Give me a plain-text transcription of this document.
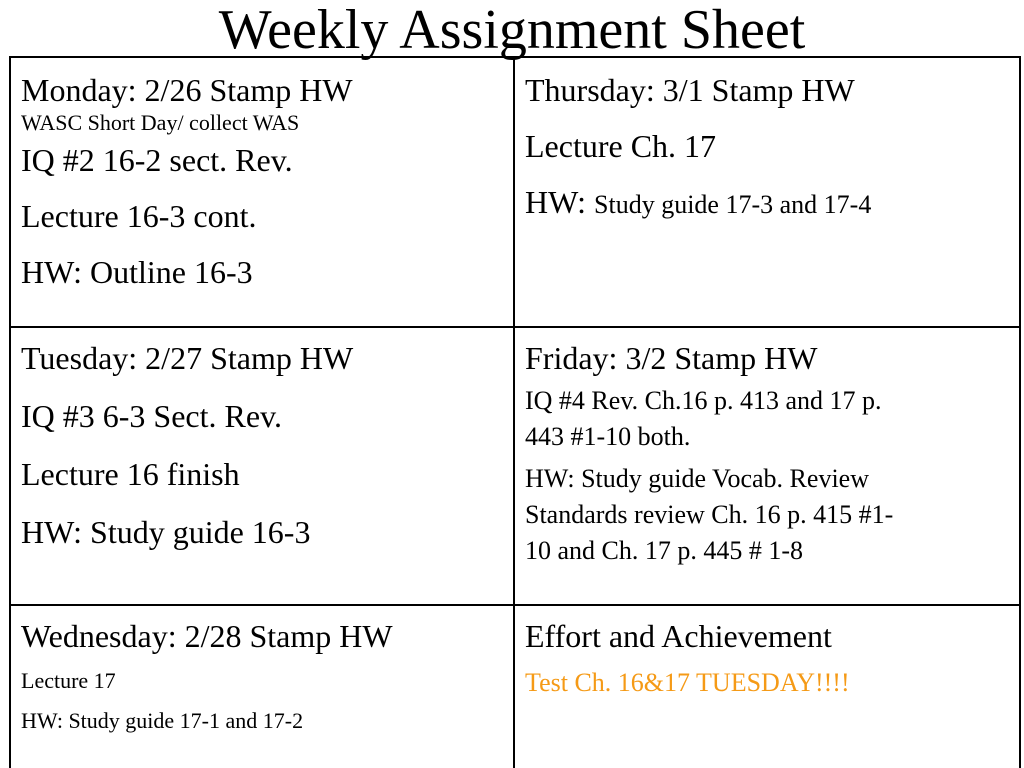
Weekly Assignment Sheet

Monday: 2/26 Stamp HW

WASC Short Day/ collect WAS

IQ #2 16-2 sect. Rev.

Lecture 16-3 cont.

HW: Outline 16-3

Thursday: 3/1 Stamp HW

Lecture Ch. 17

HW: Study guide 17-3 and 17-4

Tuesday: 2/27 Stamp HW

IQ #3 6-3 Sect. Rev.

Lecture 16 finish

HW: Study guide 16-3

Friday: 3/2 Stamp HW

IQ #4 Rev. Ch.16 p. 413 and 17 p.

443 #1-10 both.

HW: Study guide Vocab. Review

Standards review Ch. 16 p. 415 #1-

10 and Ch. 17 p. 445 # 1-8

Wednesday: 2/28 Stamp HW

Lecture 17

HW: Study guide 17-1 and 17-2

Effort and Achievement

Test Ch. 16&17 TUESDAY!!!!
